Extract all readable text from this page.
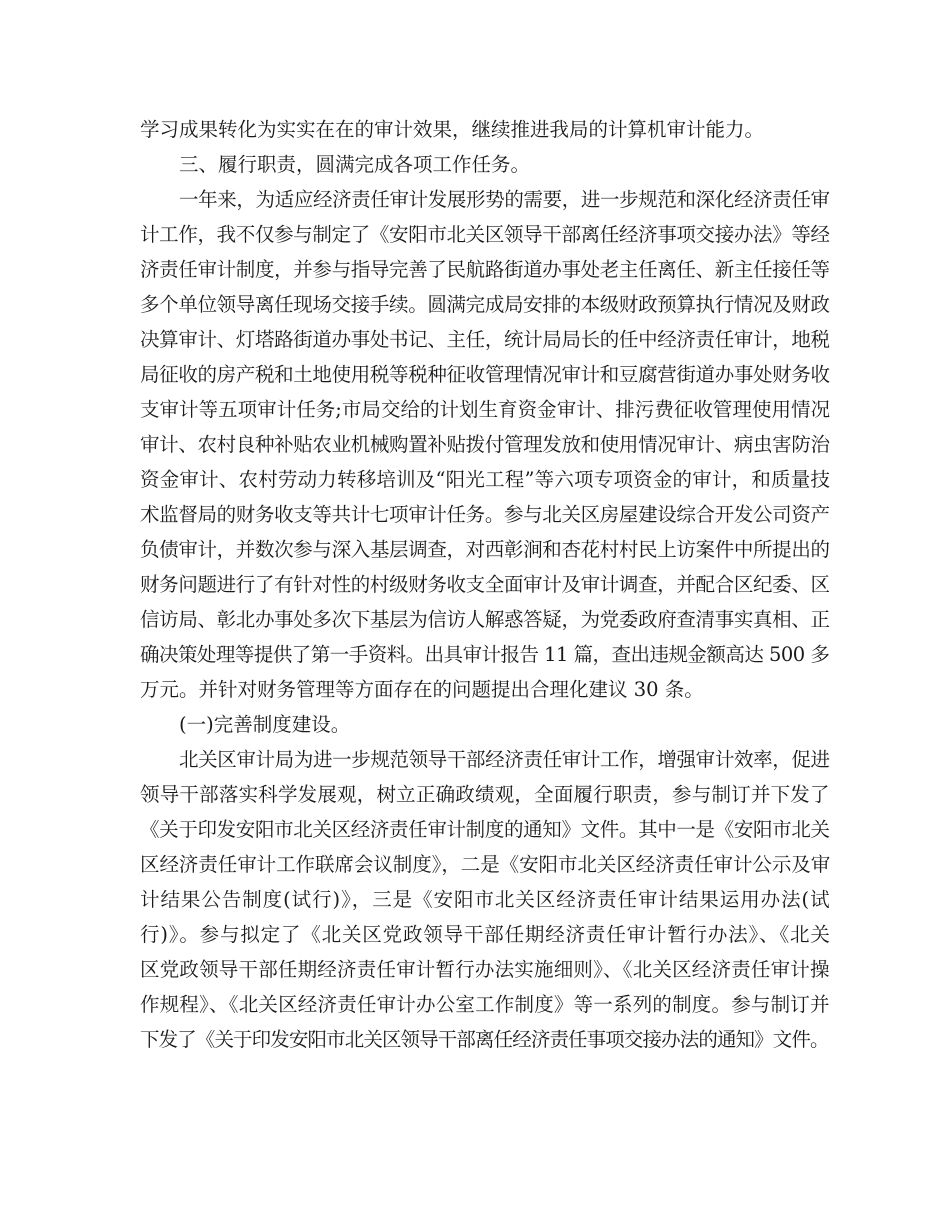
学习成果转化为实实在在的审计效果，继续推进我局的计算机审计能力。
三、履行职责，圆满完成各项工作任务。
一年来，为适应经济责任审计发展形势的需要，进一步规范和深化经济责任审
计工作，我不仅参与制定了《安阳市北关区领导干部离任经济事项交接办法》等经
济责任审计制度，并参与指导完善了民航路街道办事处老主任离任、新主任接任等
多个单位领导离任现场交接手续。圆满完成局安排的本级财政预算执行情况及财政
决算审计、灯塔路街道办事处书记、主任，统计局局长的任中经济责任审计，地税
局征收的房产税和土地使用税等税种征收管理情况审计和豆腐营街道办事处财务收
支审计等五项审计任务;市局交给的计划生育资金审计、排污费征收管理使用情况
审计、农村良种补贴农业机械购置补贴拨付管理发放和使用情况审计、病虫害防治
资金审计、农村劳动力转移培训及“阳光工程”等六项专项资金的审计，和质量技
术监督局的财务收支等共计七项审计任务。参与北关区房屋建设综合开发公司资产
负债审计，并数次参与深入基层调查，对西彰涧和杏花村村民上访案件中所提出的
财务问题进行了有针对性的村级财务收支全面审计及审计调查，并配合区纪委、区
信访局、彰北办事处多次下基层为信访人解惑答疑，为党委政府查清事实真相、正
确决策处理等提供了第一手资料。出具审计报告 11 篇，查出违规金额高达 500 多
万元。并针对财务管理等方面存在的问题提出合理化建议 30 条。
(一)完善制度建设。
北关区审计局为进一步规范领导干部经济责任审计工作，增强审计效率，促进
领导干部落实科学发展观，树立正确政绩观，全面履行职责，参与制订并下发了
《关于印发安阳市北关区经济责任审计制度的通知》文件。其中一是《安阳市北关
区经济责任审计工作联席会议制度》，二是《安阳市北关区经济责任审计公示及审
计结果公告制度(试行)》，三是《安阳市北关区经济责任审计结果运用办法(试
行)》。参与拟定了《北关区党政领导干部任期经济责任审计暂行办法》、《北关
区党政领导干部任期经济责任审计暂行办法实施细则》、《北关区经济责任审计操
作规程》、《北关区经济责任审计办公室工作制度》等一系列的制度。参与制订并
下发了《关于印发安阳市北关区领导干部离任经济责任事项交接办法的通知》文件。
